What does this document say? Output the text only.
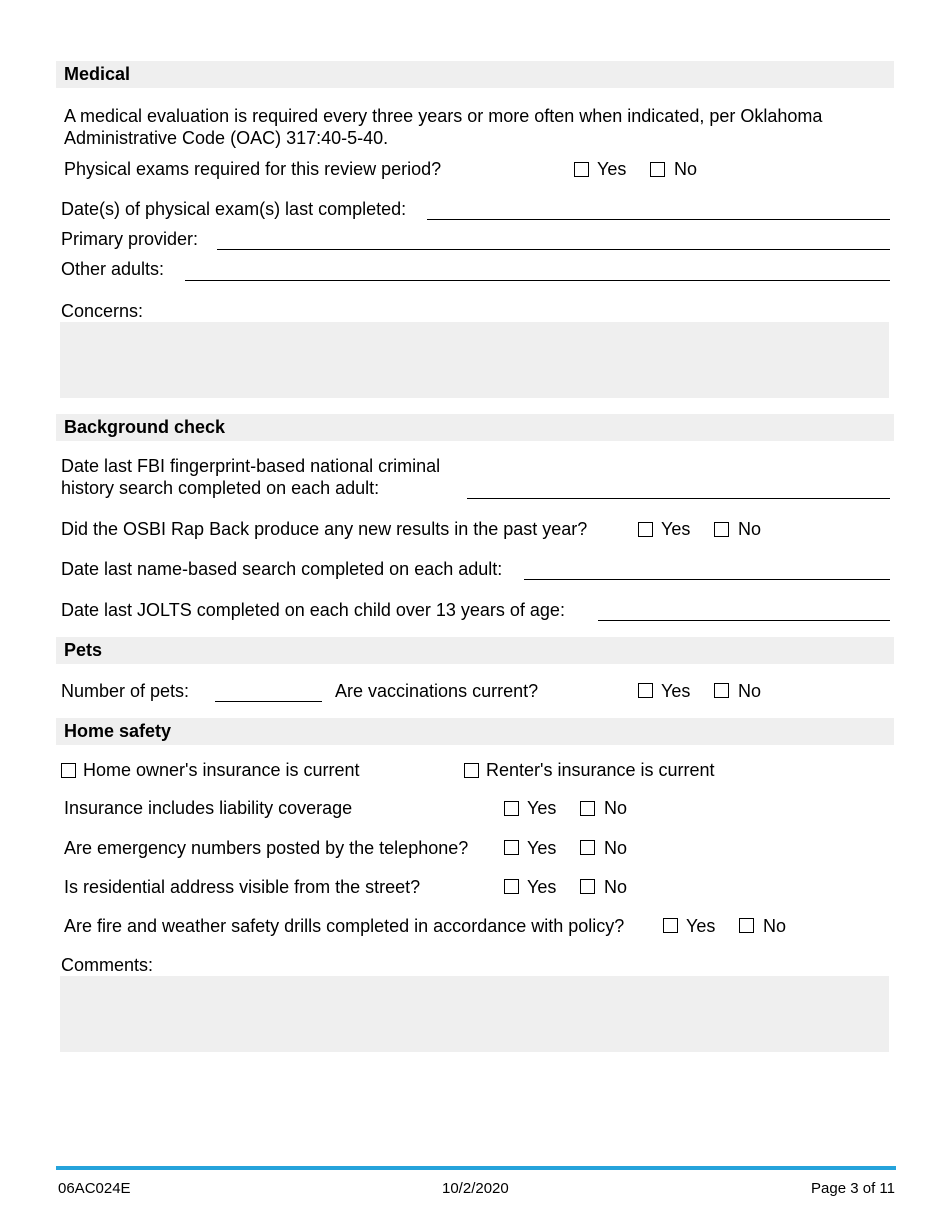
Medical
A medical evaluation is required every three years or more often when indicated, per Oklahoma
Administrative Code (OAC) 317:40-5-40.
Physical exams required for this review period?	Yes	No
Date(s) of physical exam(s) last completed:
Primary provider:
Other adults:
Concerns:
Background check
Date last FBI fingerprint-based national criminal
history search completed on each adult:
Did the OSBI Rap Back produce any new results in the past year?	Yes	No
Date last name-based search completed on each adult:
Date last JOLTS completed on each child over 13 years of age:
Pets
Number of pets:	Are vaccinations current?	Yes	No
Home safety
Home owner's insurance is current	Renter's insurance is current
Insurance includes liability coverage	Yes	No
Are emergency numbers posted by the telephone?	Yes	No
Is residential address visible from the street?	Yes	No
Are fire and weather safety drills completed in accordance with policy?	Yes	No
Comments:
06AC024E	10/2/2020	Page 3 of 11
